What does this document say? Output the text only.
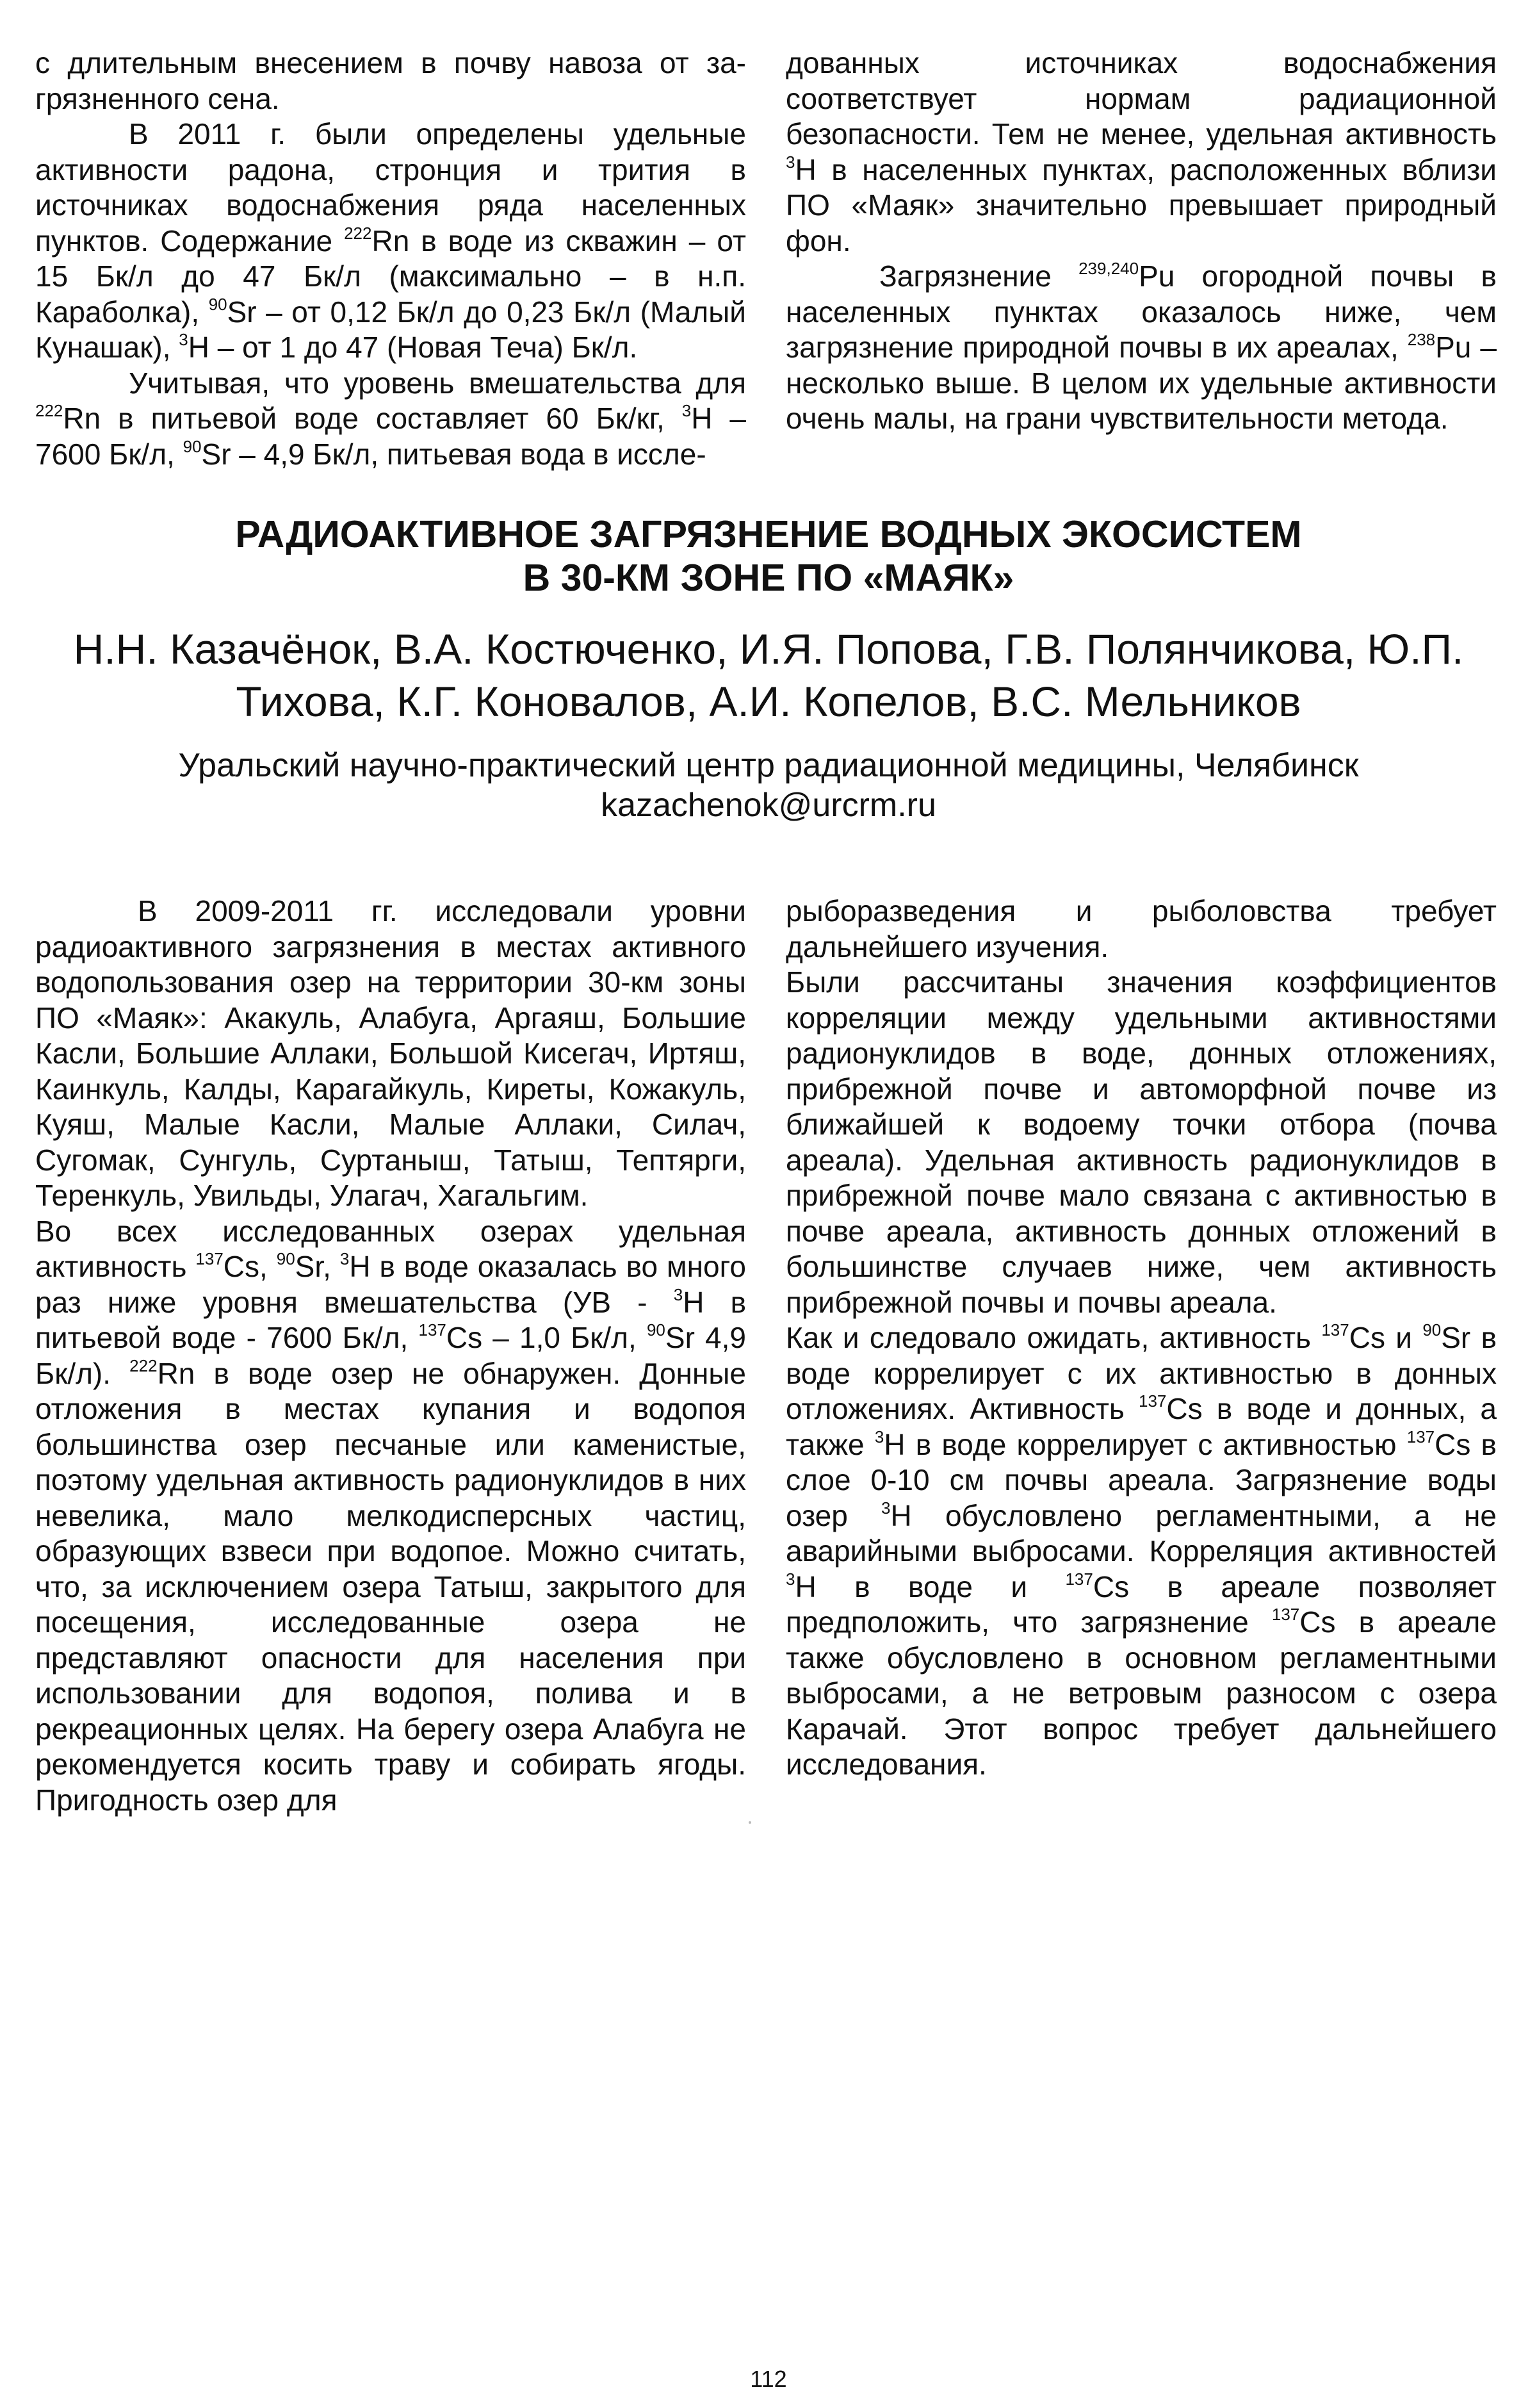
с длительным внесением в почву навоза от за-грязненного сена.

В 2011 г. были определены удельные активности радона, стронция и трития в источниках водоснабжения ряда населенных пунктов. Содержание $^{222}$Rn в воде из скважин – от 15 Бк/л до 47 Бк/л (максимально – в н.п. Караболка), $^{90}$Sr – от 0,12 Бк/л до 0,23 Бк/л (Малый Кунашак), $^3$Н – от 1 до 47 (Новая Теча) Бк/л.

Учитывая, что уровень вмешательства для $^{222}$Rn в питьевой воде составляет 60 Бк/кг, $^3$Н – 7600 Бк/л, $^{90}$Sr – 4,9 Бк/л, питьевая вода в иссле-

дованных источниках водоснабжения соответствует нормам радиационной безопасности. Тем не менее, удельная активность $^3$Н в населенных пунктах, расположенных вблизи ПО «Маяк» значительно превышает природный фон.

Загрязнение $^{239,240}$Pu огородной почвы в населенных пунктах оказалось ниже, чем загрязнение природной почвы в их ареалах, $^{238}$Pu – несколько выше. В целом их удельные активности очень малы, на грани чувствительности метода.

РАДИОАКТИВНОЕ ЗАГРЯЗНЕНИЕ ВОДНЫХ ЭКОСИСТЕМ
В 30-КМ ЗОНЕ ПО «МАЯК»
Н.Н. Казачёнок, В.А. Костюченко, И.Я. Попова, Г.В. Полянчикова, Ю.П.
Тихова, К.Г. Коновалов, А.И. Копелов, В.С. Мельников
Уральский научно-практический центр радиационной медицины, Челябинск
kazachenok@urcrm.ru

В 2009-2011 гг. исследовали уровни радиоактивного загрязнения в местах активного водопользования озер на территории 30-км зоны ПО «Маяк»: Акакуль, Алабуга, Аргаяш, Большие Касли, Большие Аллаки, Большой Кисегач, Иртяш, Каинкуль, Калды, Карагайкуль, Киреты, Кожакуль, Куяш, Малые Касли, Малые Аллаки, Силач, Сугомак, Сунгуль, Суртаныш, Татыш, Тептярги, Теренкуль, Увильды, Улагач, Хагальгим.

Во всех исследованных озерах удельная активность $^{137}$Cs, $^{90}$Sr, $^3$Н в воде оказалась во много раз ниже уровня вмешательства (УВ - $^3$Н в питьевой воде - 7600 Бк/л, $^{137}$Cs – 1,0 Бк/л, $^{90}$Sr 4,9 Бк/л). $^{222}$Rn в воде озер не обнаружен. Донные отложения в местах купания и водопоя большинства озер песчаные или каменистые, поэтому удельная активность радионуклидов в них невелика, мало мелкодисперсных частиц, образующих взвеси при водопое. Можно считать, что, за исключением озера Татыш, закрытого для посещения, исследованные озера не представляют опасности для населения при использовании для водопоя, полива и в рекреационных целях. На берегу озера Алабуга не рекомендуется косить траву и собирать ягоды. Пригодность озер для

рыборазведения и рыболовства требует дальнейшего изучения.

Были рассчитаны значения коэффициентов корреляции между удельными активностями радионуклидов в воде, донных отложениях, прибрежной почве и автоморфной почве из ближайшей к водоему точки отбора (почва ареала). Удельная активность радионуклидов в прибрежной почве мало связана с активностью в почве ареала, активность донных отложений в большинстве случаев ниже, чем активность прибрежной почвы и почвы ареала.

Как и следовало ожидать, активность $^{137}$Cs и $^{90}$Sr в воде коррелирует с их активностью в донных отложениях. Активность $^{137}$Cs в воде и донных, а также $^3$Н в воде коррелирует с активностью $^{137}$Cs в слое 0-10 см почвы ареала. Загрязнение воды озер $^3$Н обусловлено регламентными, а не аварийными выбросами. Корреляция активностей $^3$Н в воде и $^{137}$Cs в ареале позволяет предположить, что загрязнение $^{137}$Cs в ареале также обусловлено в основном регламентными выбросами, а не ветровым разносом с озера Карачай. Этот вопрос требует дальнейшего исследования.

112
